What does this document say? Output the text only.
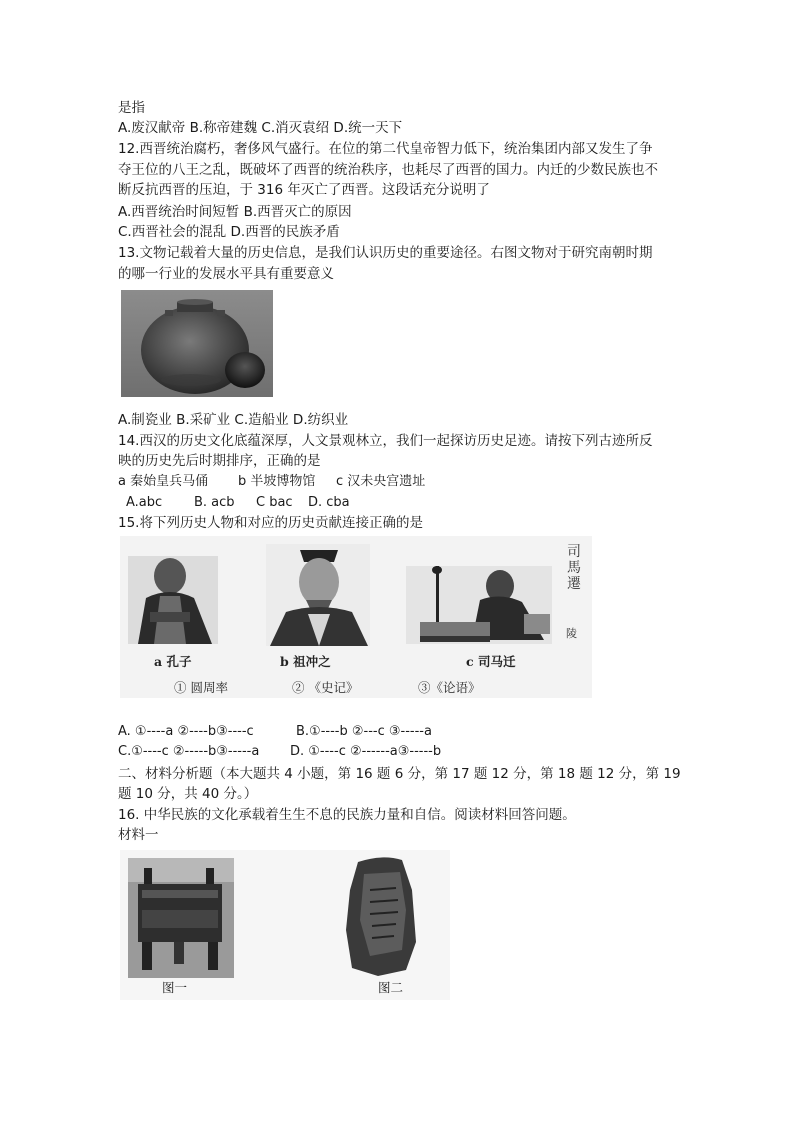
是指
A.废汉献帝 B.称帝建魏 C.消灭袁绍 D.统一天下
12.西晋统治腐朽，奢侈风气盛行。在位的第二代皇帝智力低下，统治集团内部又发生了争
夺王位的八王之乱，既破坏了西晋的统治秩序，也耗尽了西晋的国力。内迁的少数民族也不
断反抗西晋的压迫，于 316 年灭亡了西晋。这段话充分说明了
A.西晋统治时间短暂 B.西晋灭亡的原因
C.西晋社会的混乱 D.西晋的民族矛盾
13.文物记载着大量的历史信息，是我们认识历史的重要途径。右图文物对于研究南朝时期
的哪一行业的发展水平具有重要意义
A.制瓷业 B.采矿业 C.造船业 D.纺织业
14.西汉的历史文化底蕴深厚，人文景观林立，我们一起探访历史足迹。请按下列古迹所反
映的历史先后时期排序，正确的是
a 秦始皇兵马俑 b 半坡博物馆 c 汉未央宫遗址
A.abc B. acb C bac D. cba
15.将下列历史人物和对应的历史贡献连接正确的是
司
馬
遷
陵
a 孔子	b 祖冲之	c 司马迁
① 圆周率	② 《史记》	③《论语》
A. ①----a ②----b③----c	B.①----b ②---c ③-----a
C.①----c ②-----b③-----a D. ①----c ②------a③-----b
二、材料分析题（本大题共 4 小题，第 16 题 6 分，第 17 题 12 分，第 18 题 12 分，第 19
题 10 分，共 40 分。）
16. 中华民族的文化承载着生生不息的民族力量和自信。阅读材料回答问题。
材料一
图一	图二
